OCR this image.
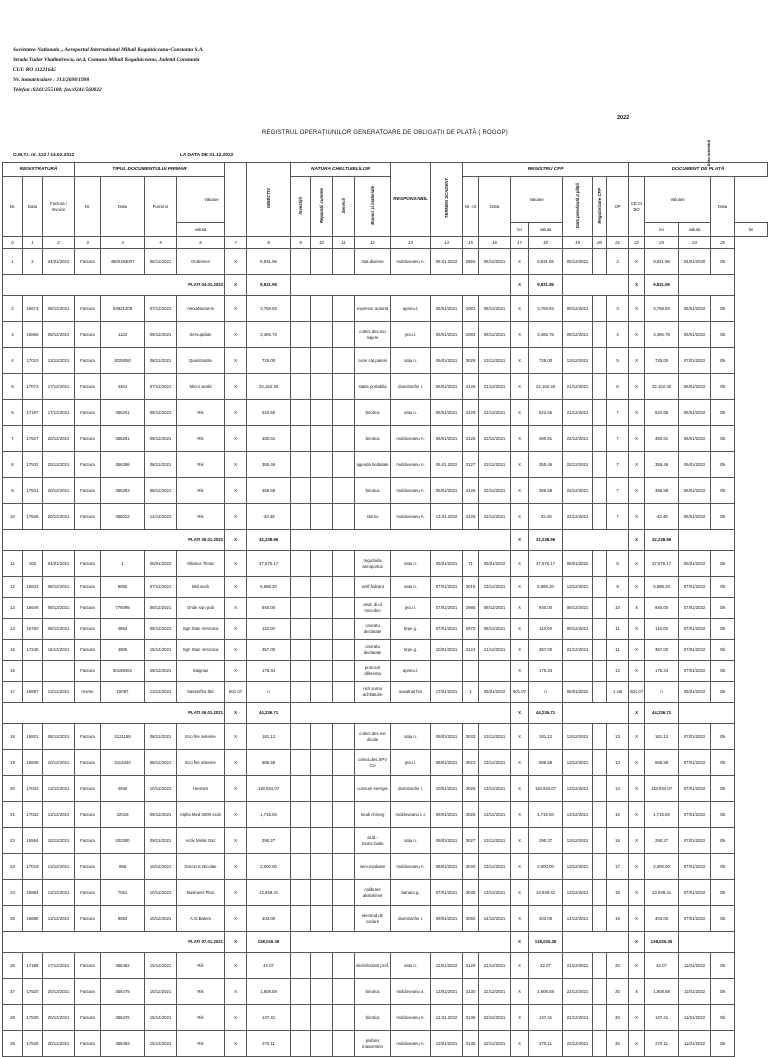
Societatea Nationala ,, Aeroportul International Mihail Kogalniceanu-Constanta S.A.
Strada Tudor Vladimirescu, nr.4, Comuna Mihail Kogalniceanu, Judetul Constanta
CUI: RO 11221645
Nr. inmatriculare : J13/2698/1998
Telefon :0241/255100; fax:0241/560022
2022
REGISTRUL OPERAȚIUNILOR GENERATOARE DE OBLIGAȚII DE PLATĂ ( ROGOP)
O.M.T.I. nr. 122 / 14.02.2012	LA DATA DE 31.12.2022	Data lichidării
REGISTRATURĂ			TIPUL DOCUMENTULUI PRIMAR					OBIECTIV	NATURA CHELTUIELILOR				RESPONSABIL	TERMEN SCADENT	REGISTRU CFP							DOCUMENT DE PLATĂ				
Nr.	Data	Factura / Invoice	Nr.	Data	Furnizor	Valoare			Investiții	Reparații curente	Servicii	Bunuri și materiale			Nr. crt	Data	Valoare		Data prevăzută a plății	Regularizare CFP	OP	CE CI BO	Valoare		Data	
						valuta											lei	valuta					lei	valuta		lei
0	1	2	3	4	5	6	7	8	9	10	11	12	13	14	15	16	17	18	19	20	21	22	23	24	25	
1	2	04/01/2022	Factura	4800193007	06/12/2021	Ondemon	X	9,831.96				mat.diverse	moldoveanu A.	06.01.2022	2894	06/12/2021	X	9,831.96	06/12/2021		2	X	9,831.96	04/01/2020	Ok	
PLATI 04.01.2022							X	9,831.96									X	9,831.96				X	9,831.96			
2	16673	08/12/2021	Factura	63821208	07/12/2021	AlexaNumeris	X	3,769.83				expresor autorat	apneu.l.	05/01/2021	2081	08/12/2021	X	3,769.83	08/12/2021		3	X	3,769.83	05/01/2022	Ok	
3	16866	09/12/2021	Factura	1134	09/12/2021	Servupdate	X	3,466.76				colect.des.mo najere	jecu.l.	05/01/2021	2083	09/12/2021	X	3,466.76	09/12/2021		4	X	3,466.76	05/01/2022	Ok	
4	17010	13/12/2021	Factura	2025050	08/12/2021	Quantmatrix	X	725.00				curie cat.pateni	satu n.	06/01/2021	3029	13/12/2021	X	725.00	13/12/2021		5	X	725.00	07/01/2022	Ok	
5	17072	17/12/2021	Factura	4401	07/12/2021	Micro world	X	22,162.40				statie portabila	dumitrache I.	06/01/2021	3126	21/12/2021	X	22,162.40	21/12/2021		6	X	22,162.40	06/01/2022	Ok	
6	17187	17/12/2021	Factura	356201	08/12/2021	Rik	X	522.65				birotica	satu n.	06/01/2021	3128	21/12/2021	X	522.65	21/12/2021		7	X	522.65	06/01/2022	Ok	
7	17527	20/12/2021	Factura	356281	08/12/2021	Rik	X	480.81				birotica	moldoveanu A.	06/01/2021	3125	22/12/2021	X	480.81	22/12/2021		7	X	480.81	06/01/2022	Ok	
8	17532	20/12/2021	Factura	356286	08/12/2021	Rik	X	355.46				agenda tiedatate	moldoveanu A.	06.01.2022	3127	22/12/2021	X	355.46	22/12/2021		7	X	355.46	06/01/2022	Ok	
9	17531	20/12/2021	Factura	356283	08/12/2021	Rik	X	356.68				birotica	moldoveanu A.	05/01/2021	3126	22/12/2021	X	356.68	22/12/2021		7	X	356.68	06/01/2022	Ok	
10	17526	20/12/2021	Factura	356022	14/12/2021	Rik	X	-33.48				storno	moldoveanu A.	13.01.2022	3126	22/12/2021	X	-33.48	22/12/2021		7	X	-33.48	06/01/2022	Ok	
PLATI 05.01.2022							X	32,238.96									X	32,238.96				X	32,238.96			
11	102	04/01/2021	Factura	1	06/01/2022	Alliance Timac	X	37,576.17				reguzivila aeroportus	satu n.	05/01/2021	71	05/01/2022	X	37,576.17	06/01/2022		8	X	37,576.17	06/01/2022	Ok	
12	16633	08/12/2021	Factura	9065	07/12/2021	Mid work	X	5,688.20				verif.hidrant	satu n.	07/01/2021	3018	13/12/2021	X	5,688.20	13/12/2021		9	X	5,688.20	07/01/2022	Ok	
13	16646	08/12/2021	Factura	776095	08/12/2021	Onde sun pub	X	940.00				anal. di.ul microbio	jecu l.	07/01/2021	2985	08/12/2021	X	940.00	08/12/2021		10	X	940.00	07/01/2022	Ok	
14	16760	08/12/2021	Factura	4863	08/12/2021	Sgn Stan Veronica	X	110.00				onoratu declarate	tirpe g.	07/01/2021	2970	08/12/2021	X	110.00	08/12/2021		11	X	110.00	07/01/2022	Ok	
15	17246	16/12/2021	Factura	4906	15/12/2021	Sgn Stan Veronica	X	357.00				onoratu declarate	tirpe g.	10/01/2021	3124	21/12/2021	X	357.00	22/12/2021		11	X	357.00	07/01/2022	Ok	
16			Factura	50159461	28/12/2021	Salgnax	X	176.34				protocol diferenta	apneu.l.				X	176.34			12	X	176.34	07/01/2022	Ok	
17	16597	13/12/2021	rexme	15097	13/12/2021	basserfire.tbd	601.07	n				rezi suma achitatuire	susatnal hm	17/01/2021	1	05/01/2022	601.07	n	05/01/2022		1 val	601.07	n	05/01/2022	Ok	
PLATI 06.01.2021							X	44,236.71									X	44,236.71				X	44,236.71			
18	16821	08/12/2021	Factura	2121188	08/12/2021	Eco fire sisteme	X	181.12				colect.des.me dicale	satu n.	08/01/2021	3033	13/12/2021	X	181.12	13/12/2021		13	X	181.12	07/01/2022	Ok	
19	16838	10/12/2021	Factura	2113340	08/12/2021	Eco fire sisteme	X	586.58				colect.des.SPV CU	jecu l.	08/01/2021	3023	13/12/2021	X	586.58	13/12/2021		13	X	586.58	07/01/2022	Ok	
20	17033	13/12/2021	Factura	4936	10/12/2021	Hermes	X	118,934.07				consum energie	dumitrache I.	10/01/2021	3026	13/12/2021	X	118,934.07	13/12/2021		14	X	118,934.07	07/01/2022	Ok	
21	17032	13/12/2021	Factura	42019	09/12/2021	Alpha Med 2000 exim	X	1,715.60				mudi chirurg	moldoveanu c.c	08/01/2021	3025	13/12/2021	X	1,715.60	13/12/2021		15	X	1,715.60	07/01/2022	Ok	
22	16564	10/12/2021	Factura	202300	09/12/2021	Activ Metal Gaz	X	290.27				acid - incarc.butie	satu n.	08/01/2021	3027	13/12/2021	X	290.27	13/12/2021		16	X	290.27	07/01/2022	Ok	
23	17018	13/12/2021	Factura	556	10/12/2021	Dorcio E.Nicolae	X	2,000.00				serv.evaluare	moldoveanu A.	08/01/2021	3030	13/12/2021	X	2,000.00	13/12/2021		17	X	2,000.00	07/01/2022	Ok	
24	16884	13/12/2021	Factura	7061	10/12/2021	Business Plus	X	13,949.41				calibrare akslokmet	banaru g.	07/01/2021	3035	13/12/2021	X	13,949.41	13/12/2021		18	X	13,949.41	07/01/2022	Ok	
25	16698	13/12/2021	Factura	9083	10/12/2021	A.G.Batem	X	403.00				electrod de coriare	dumitrache I.	09/01/2021	3060	14/12/2021	X	403.00	14/12/2021		19	X	403.00	07/01/2022	Ok	
PLATI 07.01.2021							X	138,026.35									X	138,026.35				X	138,026.35			
26	17188	17/12/2021	Factura	356482	15/12/2021	Rik	X	42.07				dezinfectant prof.	satu n.	12/01/2022	3129	21/12/2021	X	42.07	21/12/2021		20	X	42.07	11/01/2022	Ok	
27	17520	20/12/2021	Factura	356475	15/12/2021	Rik	X	1,808.58				birotica	moldoveanu a.	12/01/2021	3130	22/12/2021	X	1,808.58	22/12/2021		20	X	1,808.58	11/01/2022	Ok	
28	17530	20/12/2021	Factura	356476	15/12/2021	Rik	X	137.41				birotica	moldoveanu A.	12.01.2022	3136	22/12/2021	X	137.41	22/12/2021		20	X	137.41	11/01/2022	Ok	
29	17528	20/12/2021	Factura	356483	15/12/2021	Rik	X	270.11				pixfans maxxenten	moldoveanu A.	12/01/2021	3135	22/12/2021	X	270.11	22/12/2021		20	X	270.11	11/01/2022	Ok	
